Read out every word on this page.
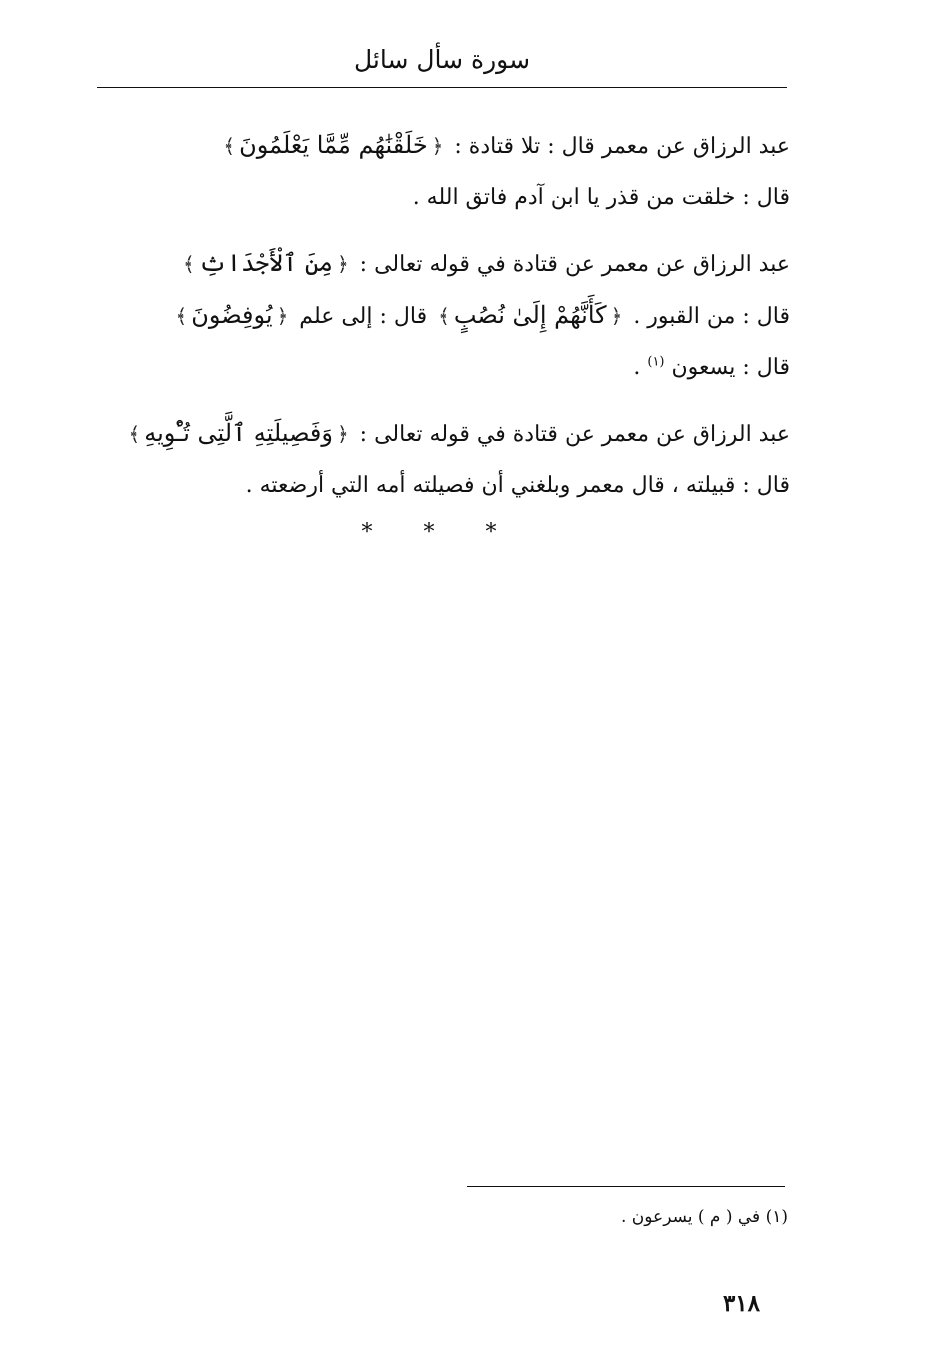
سورة سأل سائل

عبد الرزاق عن معمر قال : تلا قتادة : ﴿خَلَقْنَٰهُم مِّمَّا يَعْلَمُونَ﴾
قال : خلقت من قذر يا ابن آدم فاتق الله .

عبد الرزاق عن معمر عن قتادة في قوله تعالى : ﴿مِنَ ٱلْأَجْدَاثِ﴾
قال : من القبور . ﴿كَأَنَّهُمْ إِلَىٰ نُصُبٍ﴾ قال : إلى علم ﴿يُوفِضُونَ﴾
قال : يسعون $^{(١)}$ .

عبد الرزاق عن معمر عن قتادة في قوله تعالى : ﴿وَفَصِيلَتِهِ ٱلَّتِى تُـْٔوِيهِ﴾
قال : قبيلته ، قال معمر وبلغني أن فصيلته أمه التي أرضعته .

* * *
(١) في ( م ) يسرعون .
٣١٨
